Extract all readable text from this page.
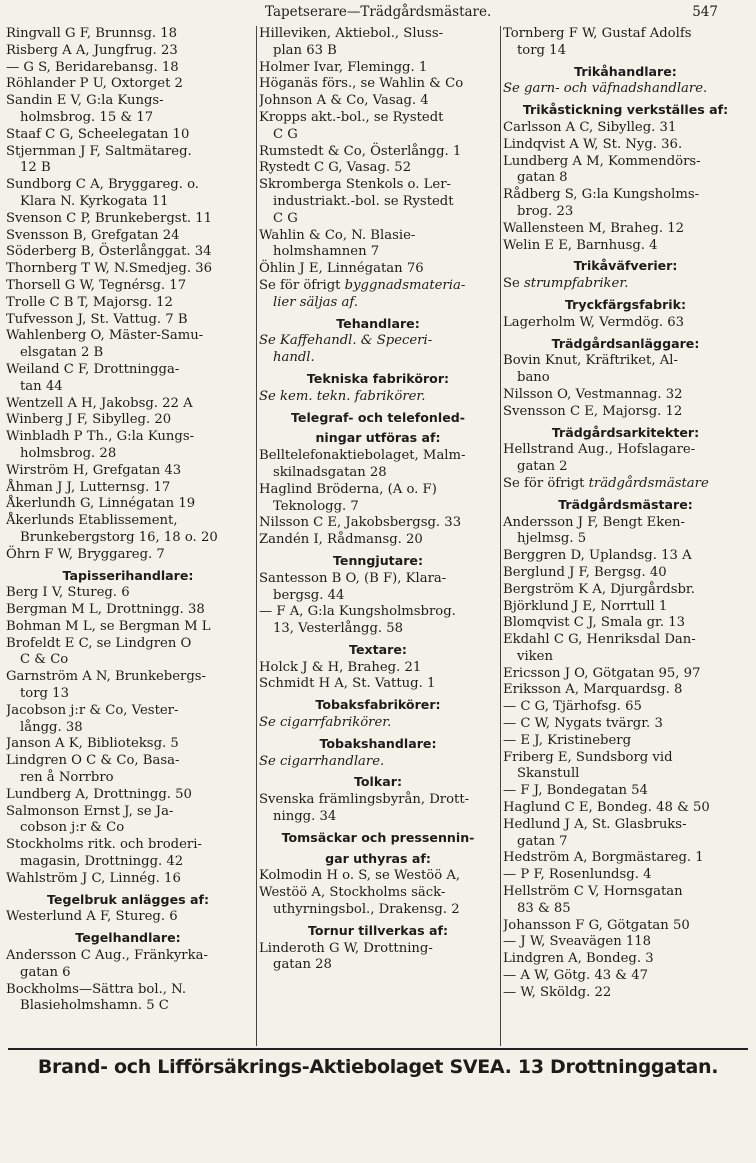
Tapetserare—Trädgårdsmästare.	547
Ringvall G F, Brunnsg. 18
Risberg A A, Jungfrug. 23
— G S, Beridarebansg. 18
Röhlander P U, Oxtorget 2
Sandin E V, G:la Kungs-
holmsbrog. 15 & 17
Staaf C G, Scheelegatan 10
Stjernman J F, Saltmätareg.
12 B
Sundborg C A, Bryggareg. o.
Klara N. Kyrkogata 11
Svenson C P, Brunkebergst. 11
Svensson B, Grefgatan 24
Söderberg B, Österlånggat. 34
Thornberg T W, N.Smedjeg. 36
Thorsell G W, Tegnérsg. 17
Trolle C B T, Majorsg. 12
Tufvesson J, St. Vattug. 7 B
Wahlenberg O, Mäster-Samu-
elsgatan 2 B
Weiland C F, Drottningga-
tan 44
Wentzell A H, Jakobsg. 22 A
Winberg J F, Sibylleg. 20
Winbladh P Th., G:la Kungs-
holmsbrog. 28
Wirström H, Grefgatan 43
Åhman J J, Lutternsg. 17
Åkerlundh G, Linnégatan 19
Åkerlunds Etablissement,
Brunkebergstorg 16, 18 o. 20
Öhrn F W, Bryggareg. 7
Tapisserihandlare:
Berg I V, Stureg. 6
Bergman M L, Drottningg. 38
Bohman M L, se Bergman M L
Brofeldt E C, se Lindgren O
C & Co
Garnström A N, Brunkebergs-
torg 13
Jacobson j:r & Co, Vester-
långg. 38
Janson A K, Biblioteksg. 5
Lindgren O C & Co, Basa-
ren å Norrbro
Lundberg A, Drottningg. 50
Salmonson Ernst J, se Ja-
cobson j:r & Co
Stockholms ritk. och broderi-
magasin, Drottningg. 42
Wahlström J C, Linnég. 16
Tegelbruk anlägges af:
Westerlund A F, Stureg. 6
Tegelhandlare:
Andersson C Aug., Fränkyrka-
gatan 6
Bockholms—Sättra bol., N.
Blasieholmshamn. 5 C
Hilleviken, Aktiebol., Sluss-
plan 63 B
Holmer Ivar, Flemingg. 1
Höganäs förs., se Wahlin & Co
Johnson A & Co, Vasag. 4
Kropps akt.-bol., se Rystedt
C G
Rumstedt & Co, Österlångg. 1
Rystedt C G, Vasag. 52
Skromberga Stenkols o. Ler-
industriakt.-bol. se Rystedt
C G
Wahlin & Co, N. Blasie-
holmshamnen 7
Öhlin J E, Linnégatan 76
Se för öfrigt byggnadsmateria-
lier säljas af.
Tehandlare:
Se Kaffehandl. & Speceri-
handl.
Tekniska fabriköror:
Se kem. tekn. fabrikörer.
Telegraf- och telefonled-
ningar utföras af:
Belltelefonaktiebolaget, Malm-
skilnadsgatan 28
Haglind Bröderna, (A o. F)
Teknologg. 7
Nilsson C E, Jakobsbergsg. 33
Zandén I, Rådmansg. 20
Tenngjutare:
Santesson B O, (B F), Klara-
bergsg. 44
— F A, G:la Kungsholmsbrog.
13, Vesterlångg. 58
Textare:
Holck J & H, Braheg. 21
Schmidt H A, St. Vattug. 1
Tobaksfabrikörer:
Se cigarrfabrikörer.
Tobakshandlare:
Se cigarrhandlare.
Tolkar:
Svenska främlingsbyrån, Drott-
ningg. 34
Tomsäckar och pressennin-
gar uthyras af:
Kolmodin H o. S, se Westöö A,
Westöö A, Stockholms säck-
uthyrningsbol., Drakensg. 2
Tornur tillverkas af:
Linderoth G W, Drottning-
gatan 28
Tornberg F W, Gustaf Adolfs
torg 14
Trikåhandlare:
Se garn- och väfnadshandlare.
Trikåstickning verkställes af:
Carlsson A C, Sibylleg. 31
Lindqvist A W, St. Nyg. 36.
Lundberg A M, Kommendörs-
gatan 8
Rådberg S, G:la Kungsholms-
brog. 23
Wallensteen M, Braheg. 12
Welin E E, Barnhusg. 4
Trikåväfverier:
Se strumpfabriker.
Tryckfärgsfabrik:
Lagerholm W, Vermdög. 63
Trädgårdsanläggare:
Bovin Knut, Kräftriket, Al-
bano
Nilsson O, Vestmannag. 32
Svensson C E, Majorsg. 12
Trädgårdsarkitekter:
Hellstrand Aug., Hofslagare-
gatan 2
Se för öfrigt trädgårdsmästare
Trädgårdsmästare:
Andersson J F, Bengt Eken-
hjelmsg. 5
Berggren D, Uplandsg. 13 A
Berglund J F, Bergsg. 40
Bergström K A, Djurgårdsbr.
Björklund J E, Norrtull 1
Blomqvist C J, Smala gr. 13
Ekdahl C G, Henriksdal Dan-
viken
Ericsson J O, Götgatan 95, 97
Eriksson A, Marquardsg. 8
— C G, Tjärhofsg. 65
— C W, Nygats tvärgr. 3
— E J, Kristineberg
Friberg E, Sundsborg vid
Skanstull
— F J, Bondegatan 54
Haglund C E, Bondeg. 48 & 50
Hedlund J A, St. Glasbruks-
gatan 7
Hedström A, Borgmästareg. 1
— P F, Rosenlundsg. 4
Hellström C V, Hornsgatan
83 & 85
Johansson F G, Götgatan 50
— J W, Sveavägen 118
Lindgren A, Bondeg. 3
— A W, Götg. 43 & 47
— W, Sköldg. 22
Brand- och Lifförsäkrings-Aktiebolaget SVEA. 13 Drottninggatan.
